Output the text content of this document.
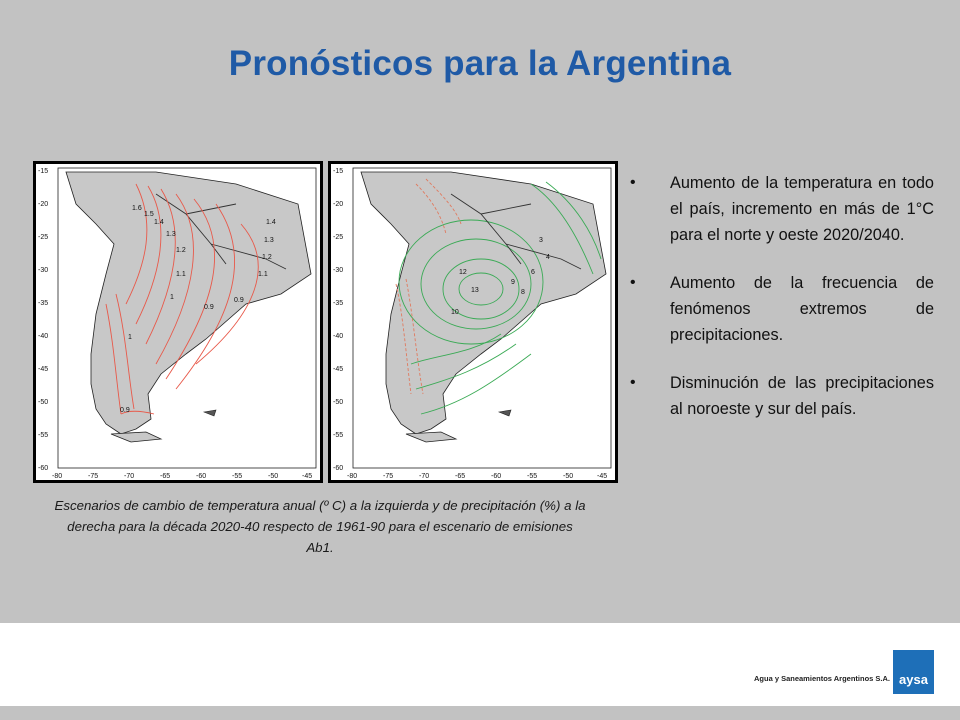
Pronósticos para la Argentina
1.6
1.5
1.4
1.3
1.2
1.1
1
1
0.9
0.9
1.4
1.3
1.2
1.1
0.9
-15
-20
-25
-30
-35
-40
-45
-50
-55
-60
-80	-75	-70	-65	-60	-55	-50	-45
13
12
10
9
8
6
4
3
-15
-20
-25
-30
-35
-40
-45
-50
-55
-60
-80	-75	-70	-65	-60	-55	-50	-45
Escenarios de cambio de temperatura anual (º C) a la izquierda y de precipitación (%) a la derecha para la década 2020-40 respecto de 1961-90 para el escenario de emisiones Ab1.
• Aumento de la temperatura en todo el país, incremento en más de 1°C para el norte y oeste 2020/2040.
• Aumento de la frecuencia de fenómenos extremos de precipitaciones.
• Disminución de las precipitaciones al noroeste y sur del país.
Agua y Saneamientos Argentinos S.A. aysa
